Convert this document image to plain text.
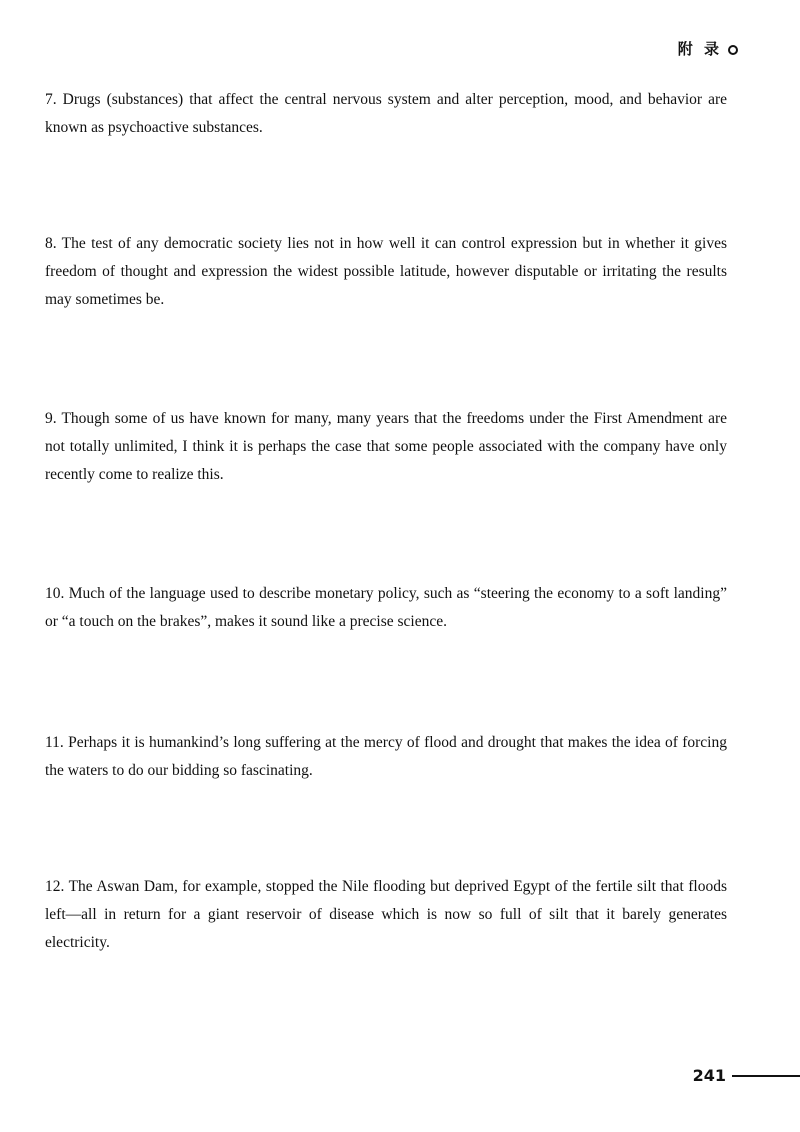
附 录

7. Drugs (substances) that affect the central nervous system and alter perception, mood, and behavior are known as psychoactive substances.

8. The test of any democratic society lies not in how well it can control expression but in whether it gives freedom of thought and expression the widest possible latitude, however disputable or irritating the results may sometimes be.

9. Though some of us have known for many, many years that the freedoms under the First Amendment are not totally unlimited, I think it is perhaps the case that some people associated with the company have only recently come to realize this.

10. Much of the language used to describe monetary policy, such as “steering the economy to a soft landing” or “a touch on the brakes”, makes it sound like a precise science.

11. Perhaps it is humankind’s long suffering at the mercy of flood and drought that makes the idea of forcing the waters to do our bidding so fascinating.

12. The Aswan Dam, for example, stopped the Nile flooding but deprived Egypt of the fertile silt that floods left—all in return for a giant reservoir of disease which is now so full of silt that it barely generates electricity.

241
